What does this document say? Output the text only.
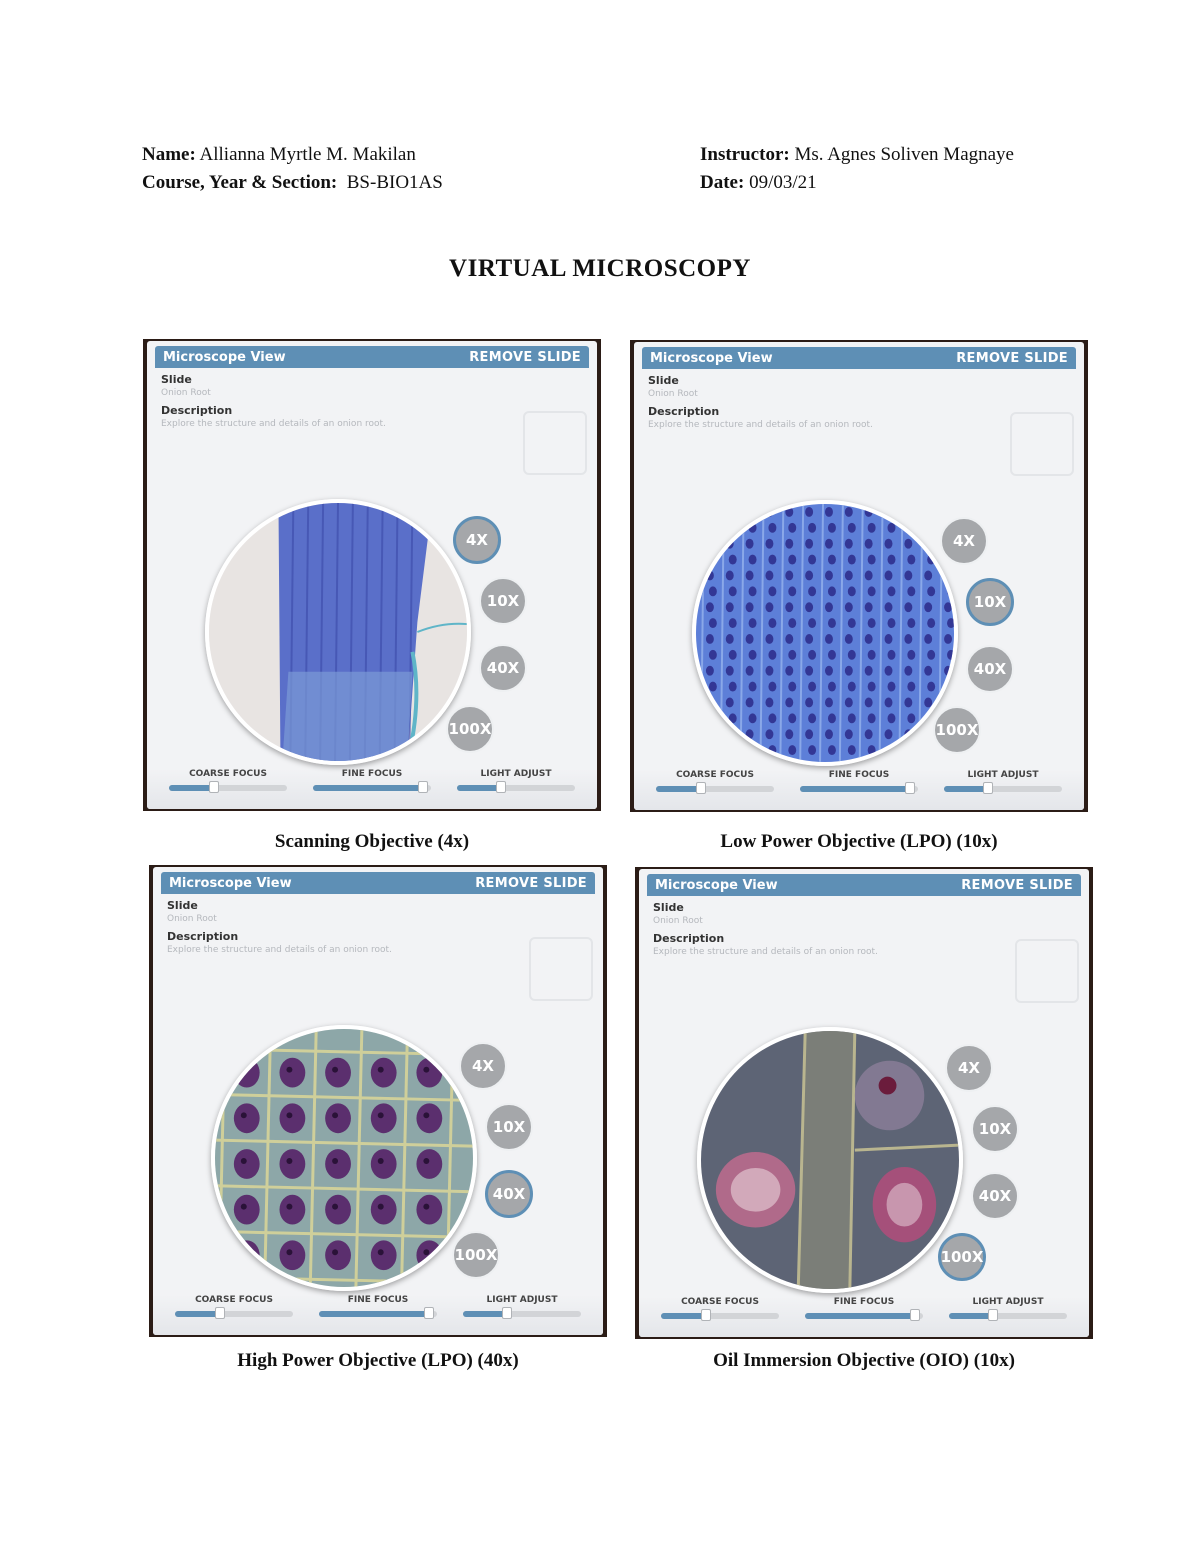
Name: Allianna Myrtle M. Makilan	Instructor: Ms. Agnes Soliven Magnaye
Course, Year & Section: BS-BIO1AS	Date: 09/03/21
VIRTUAL MICROSCOPY
Microscope View	REMOVE SLIDE
Slide
Onion Root
Description
Explore the structure and details of an onion root.
4X
10X
40X
100X
COARSE FOCUS	FINE FOCUS	LIGHT ADJUST
Scanning Objective (4x)
Microscope View	REMOVE SLIDE
Slide
Onion Root
Description
Explore the structure and details of an onion root.
4X
10X
40X
100X
COARSE FOCUS	FINE FOCUS	LIGHT ADJUST
Low Power Objective (LPO) (10x)
Microscope View	REMOVE SLIDE
Slide
Onion Root
Description
Explore the structure and details of an onion root.
4X
10X
40X
100X
COARSE FOCUS	FINE FOCUS	LIGHT ADJUST
High Power Objective (LPO) (40x)
Microscope View	REMOVE SLIDE
Slide
Onion Root
Description
Explore the structure and details of an onion root.
4X
10X
40X
100X
COARSE FOCUS	FINE FOCUS	LIGHT ADJUST
Oil Immersion Objective (OIO) (10x)
